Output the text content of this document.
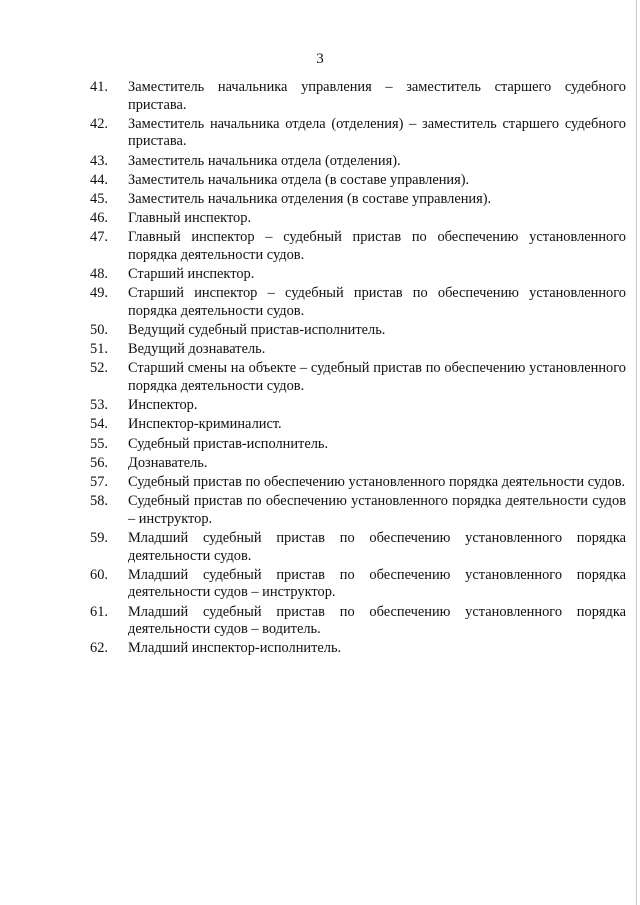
3
41.	Заместитель начальника управления – заместитель старшего судебного пристава.
42.	Заместитель начальника отдела (отделения) – заместитель старшего судебного пристава.
43.	Заместитель начальника отдела (отделения).
44.	Заместитель начальника отдела (в составе управления).
45.	Заместитель начальника отделения (в составе управления).
46.	Главный инспектор.
47.	Главный инспектор – судебный пристав по обеспечению установленного порядка деятельности судов.
48.	Старший инспектор.
49.	Старший инспектор – судебный пристав по обеспечению установленного порядка деятельности судов.
50.	Ведущий судебный пристав-исполнитель.
51.	Ведущий дознаватель.
52.	Старший смены на объекте – судебный пристав по обеспечению установленного порядка деятельности судов.
53.	Инспектор.
54.	Инспектор-криминалист.
55.	Судебный пристав-исполнитель.
56.	Дознаватель.
57.	Судебный пристав по обеспечению установленного порядка деятельности судов.
58.	Судебный пристав по обеспечению установленного порядка деятельности судов – инструктор.
59.	Младший судебный пристав по обеспечению установленного порядка деятельности судов.
60.	Младший судебный пристав по обеспечению установленного порядка деятельности судов – инструктор.
61.	Младший судебный пристав по обеспечению установленного порядка деятельности судов – водитель.
62.	Младший инспектор-исполнитель.
